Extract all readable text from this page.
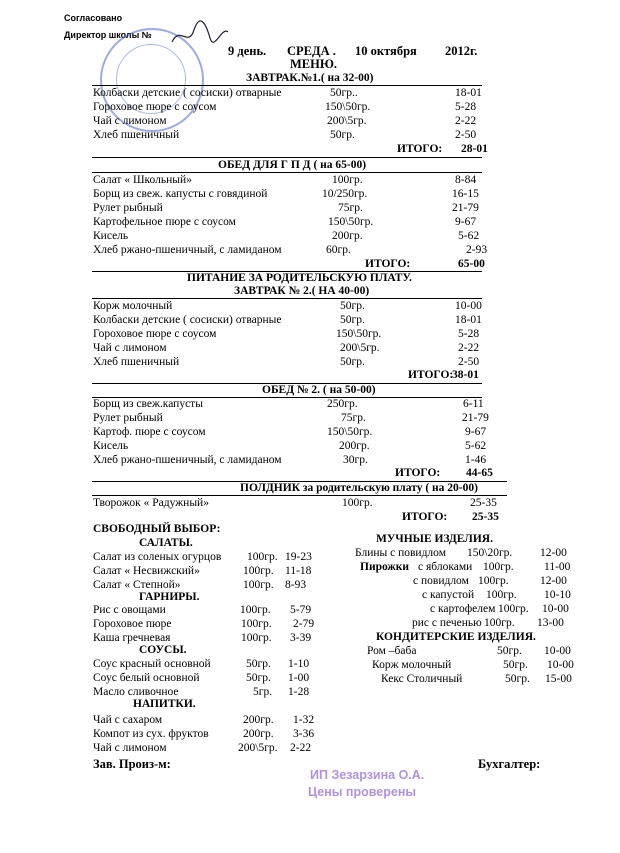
Согласовано
Директор школы №
9 день. СРЕДА . 10 октября 2012г.
МЕНЮ.
ЗАВТРАК.№1.( на 32-00)
Колбаски детские ( сосиски) отварные	50гр..	18-01
Гороховое пюре с соусом	150\50гр.	5-28
Чай с лимоном	200\5гр.	2-22
Хлеб пшеничный	50гр.	2-50
ИТОГО: 28-01
ОБЕД ДЛЯ Г П Д ( на 65-00)
Салат « Школьный»	100гр.	8-84
Борщ из свеж. капусты с говядиной	10/250гр.	16-15
Рулет рыбный	75гр.	21-79
Картофельное пюре с соусом	150\50гр.	9-67
Кисель	200гр.	5-62
Хлеб ржано-пшеничный, с ламиданом	60гр.	2-93
ИТОГО:	65-00
ПИТАНИЕ ЗА РОДИТЕЛЬСКУЮ ПЛАТУ.
ЗАВТРАК № 2.( НА 40-00)
Корж молочный	50гр.	10-00
Колбаски детские ( сосиски) отварные	50гр.	18-01
Гороховое пюре с соусом	150\50гр.	5-28
Чай с лимоном	200\5гр.	2-22
Хлеб пшеничный	50гр.	2-50
ИТОГО:
38-01
ОБЕД № 2. ( на 50-00)
Борщ из свеж.капусты	250гр.	6-11
Рулет рыбный	75гр.	21-79
Картоф. пюре с соусом	150\50гр.	9-67
Кисель	200гр.	5-62
Хлеб ржано-пшеничный, с ламиданом	30гр.	1-46
ИТОГО: 44-65
ПОЛДНИК за родительскую плату ( на 20-00)
Творожок « Радужный»	100гр.	25-35
ИТОГО: 25-35
СВОБОДНЫЙ ВЫБОР:
САЛАТЫ.
Салат из соленых огурцов 100гр. 19-23
Салат « Несвижский»	100гр. 11-18
Салат « Степной»	100гр. 8-93
ГАРНИРЫ.
Рис с овощами	100гр. 5-79
Гороховое пюре	100гр. 2-79
Каша гречневая	100гр. 3-39
СОУСЫ.
Соус красный основной	50гр. 1-10
Соус белый основной	50гр. 1-00
Масло сливочное	5гр. 1-28
НАПИТКИ.
Чай с сахаром	200гр. 1-32
Компот из сух. фруктов	200гр. 3-36
Чай с лимоном	200\5гр. 2-22
МУЧНЫЕ ИЗДЕЛИЯ.
Блины с повидлом 150\20гр. 12-00
Пирожки с яблоками 100гр.	11-00
с повидлом 100гр.	12-00
с капустой 100гр. 10-10
с картофелем 100гр. 10-00
рис с печенью 100гр. 13-00
КОНДИТЕРСКИЕ ИЗДЕЛИЯ.
Ром –баба	50гр. 10-00
Корж молочный	50гр. 10-00
Кекс Столичный	50гр. 15-00
Зав. Произ-м:	Бухгалтер:
ИП Зезарзина О.А.
Цены проверены
